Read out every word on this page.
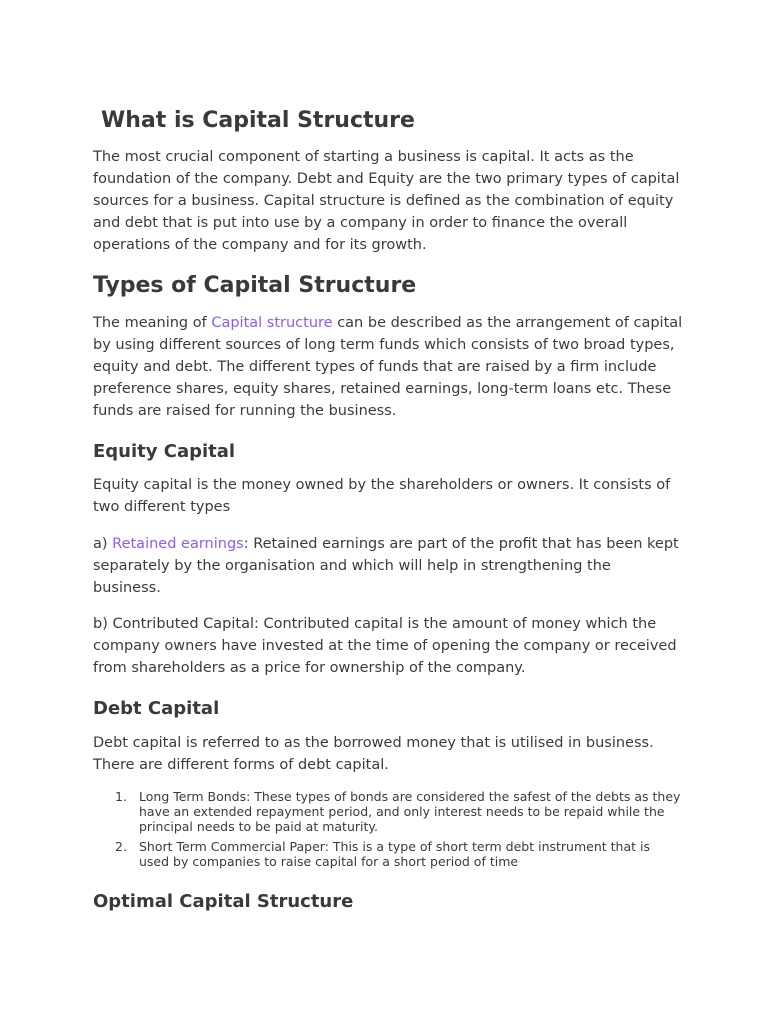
What is Capital Structure

The most crucial component of starting a business is capital. It acts as the foundation of the company. Debt and Equity are the two primary types of capital sources for a business. Capital structure is defined as the combination of equity and debt that is put into use by a company in order to finance the overall operations of the company and for its growth.

Types of Capital Structure

The meaning of Capital structure can be described as the arrangement of capital by using different sources of long term funds which consists of two broad types, equity and debt. The different types of funds that are raised by a firm include preference shares, equity shares, retained earnings, long-term loans etc. These funds are raised for running the business.

Equity Capital

Equity capital is the money owned by the shareholders or owners. It consists of two different types

a) Retained earnings: Retained earnings are part of the profit that has been kept separately by the organisation and which will help in strengthening the business.

b) Contributed Capital: Contributed capital is the amount of money which the company owners have invested at the time of opening the company or received from shareholders as a price for ownership of the company.

Debt Capital

Debt capital is referred to as the borrowed money that is utilised in business. There are different forms of debt capital.

1. Long Term Bonds: These types of bonds are considered the safest of the debts as they have an extended repayment period, and only interest needs to be repaid while the principal needs to be paid at maturity.
2. Short Term Commercial Paper: This is a type of short term debt instrument that is used by companies to raise capital for a short period of time
Optimal Capital Structure
